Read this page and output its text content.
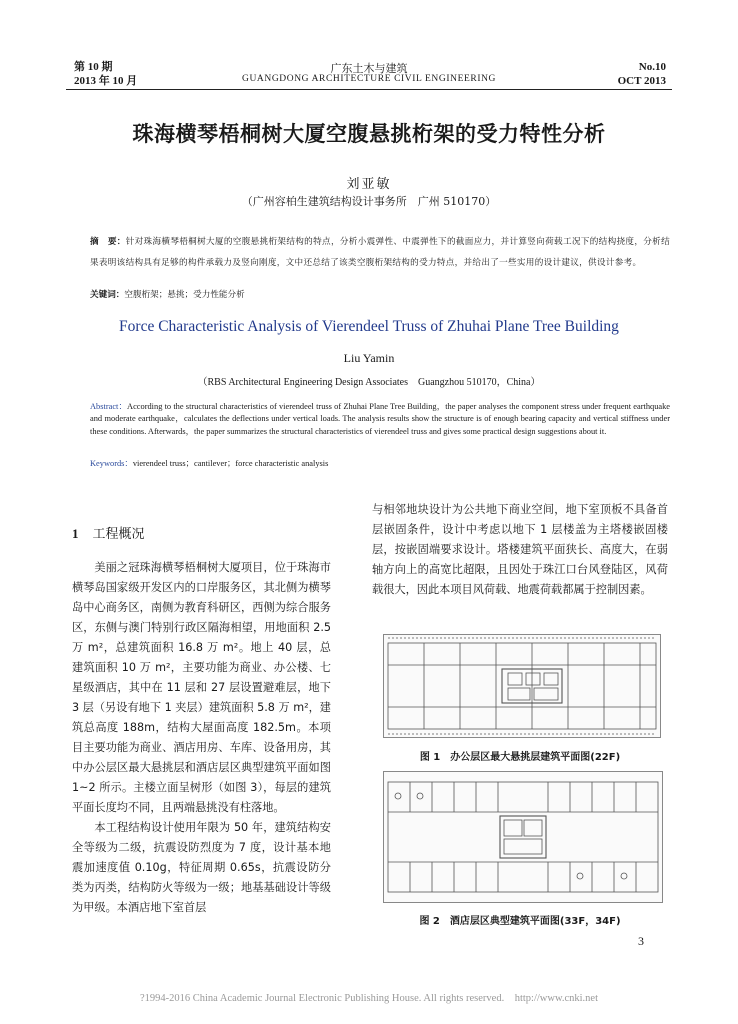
第 10 期
2013 年 10 月
广东土木与建筑
GUANGDONG ARCHITECTURE CIVIL ENGINEERING
No.10
OCT 2013
珠海横琴梧桐树大厦空腹悬挑桁架的受力特性分析
刘亚敏
（广州容柏生建筑结构设计事务所　广州 510170）
摘　要：针对珠海横琴梧桐树大厦的空腹悬挑桁架结构的特点，分析小震弹性、中震弹性下的截面应力，并计算竖向荷载工况下的结构挠度，分析结果表明该结构具有足够的构件承载力及竖向刚度，文中还总结了该类空腹桁架结构的受力特点，并给出了一些实用的设计建议，供设计参考。
关键词：空腹桁架；悬挑；受力性能分析
Force Characteristic Analysis of Vierendeel Truss of Zhuhai Plane Tree Building
Liu Yamin
（RBS Architectural Engineering Design Associates　Guangzhou 510170，China）
Abstract：According to the structural characteristics of vierendeel truss of Zhuhai Plane Tree Building，the paper analyses the component stress under frequent earthquake and moderate earthquake，calculates the deflections under vertical loads. The analysis results show the structure is of enough bearing capacity and vertical stiffness under these conditions. Afterwards，the paper summarizes the structural characteristics of vierendeel truss and gives some practical design suggestions about it.
Keywords：vierendeel truss；cantilever；force characteristic analysis
1 工程概况

美丽之冠珠海横琴梧桐树大厦项目，位于珠海市横琴岛国家级开发区内的口岸服务区，其北侧为横琴岛中心商务区，南侧为教育科研区，西侧为综合服务区，东侧与澳门特别行政区隔海相望，用地面积 2.5 万 m²，总建筑面积 16.8 万 m²。地上 40 层，总建筑面积 10 万 m²，主要功能为商业、办公楼、七星级酒店，其中在 11 层和 27 层设置避难层，地下 3 层（另设有地下 1 夹层）建筑面积 5.8 万 m²，建筑总高度 188m，结构大屋面高度 182.5m。本项目主要功能为商业、酒店用房、车库、设备用房，其中办公层区最大悬挑层和酒店层区典型建筑平面如图 1~2 所示。主楼立面呈树形（如图 3），每层的建筑平面长度均不同，且两端悬挑没有柱落地。

本工程结构设计使用年限为 50 年，建筑结构安全等级为二级，抗震设防烈度为 7 度，设计基本地震加速度值 0.10g，特征周期 0.65s，抗震设防分类为丙类，结构防火等级为一级；地基基础设计等级为甲级。本酒店地下室首层

与相邻地块设计为公共地下商业空间，地下室顶板不具备首层嵌固条件，设计中考虑以地下 1 层楼盖为主塔楼嵌固楼层，按嵌固端要求设计。塔楼建筑平面狭长、高度大，在弱轴方向上的高宽比超限，且因处于珠江口台风登陆区，风荷载很大，因此本项目风荷载、地震荷载都属于控制因素。

图 1　办公层区最大悬挑层建筑平面图(22F)
图 2　酒店层区典型建筑平面图(33F，34F)
3
?1994-2016 China Academic Journal Electronic Publishing House. All rights reserved.　http://www.cnki.net
